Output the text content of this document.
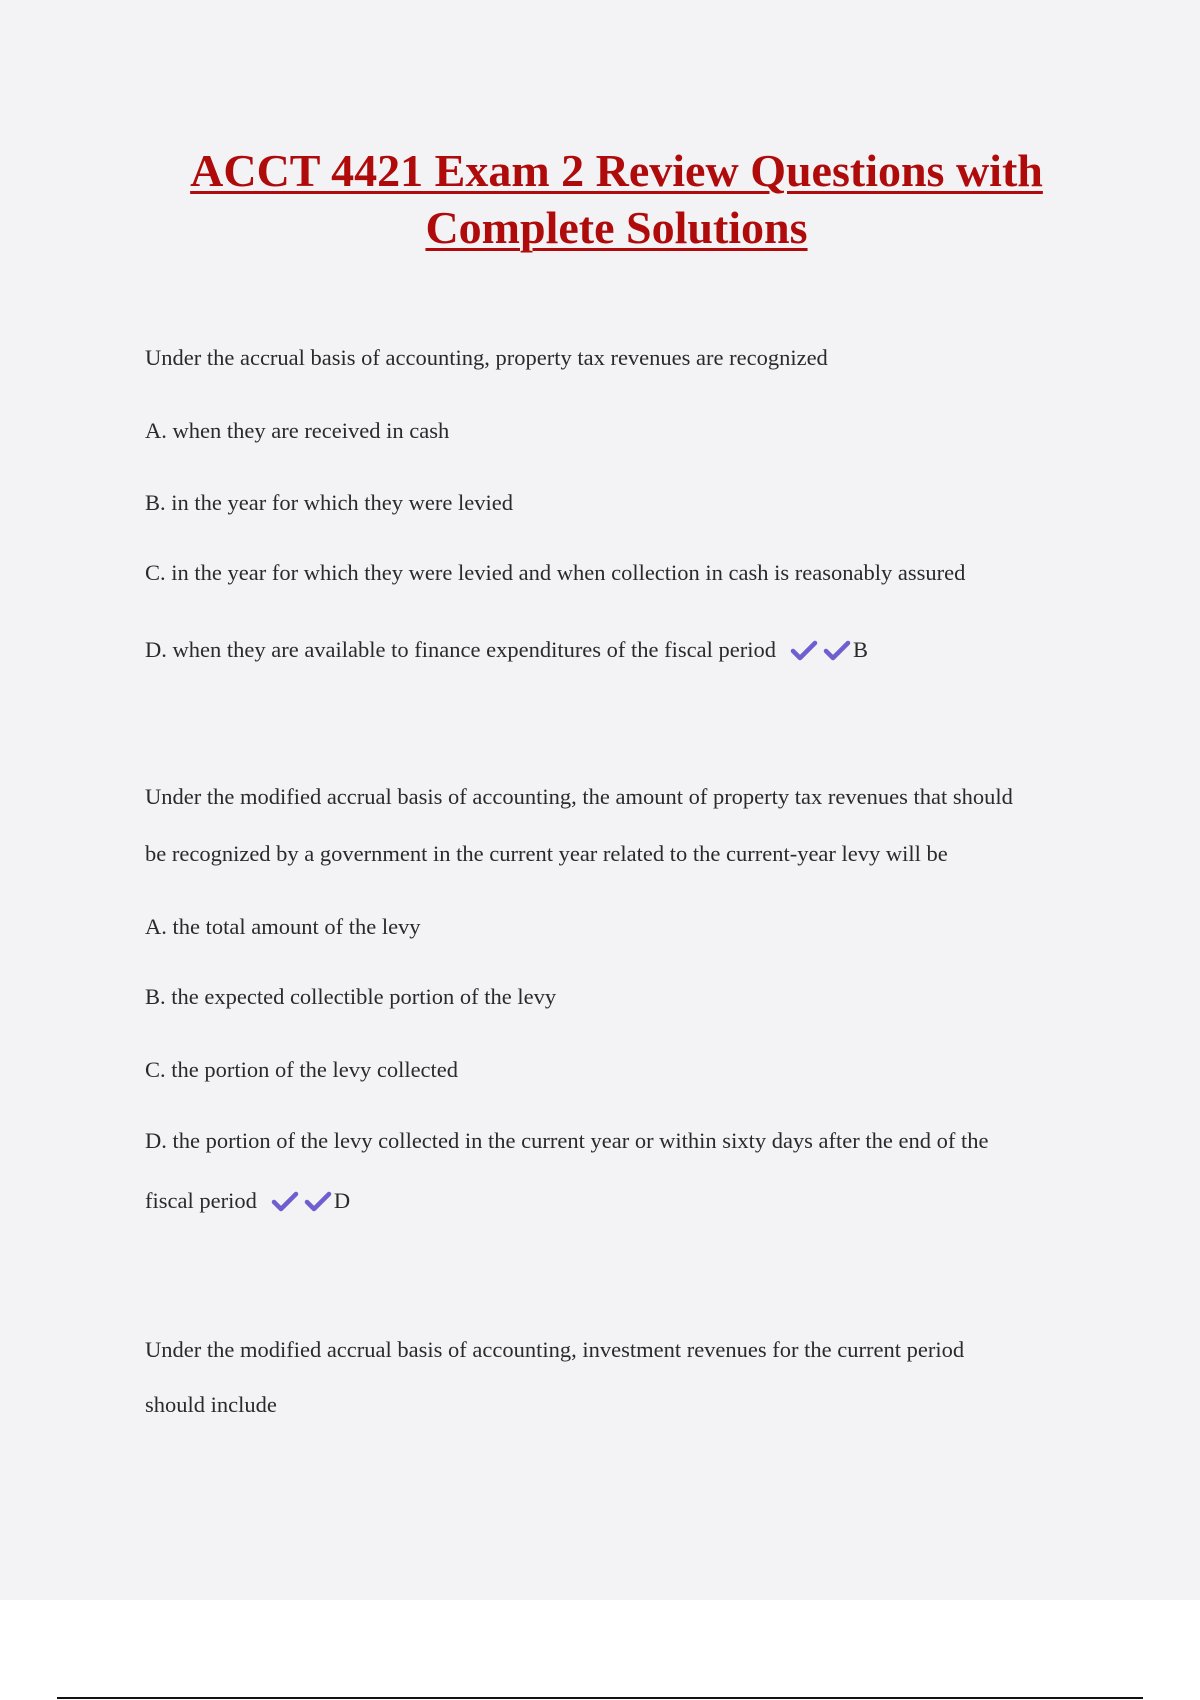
ACCT 4421 Exam 2 Review Questions with Complete Solutions

Under the accrual basis of accounting, property tax revenues are recognized

A. when they are received in cash

B. in the year for which they were levied

C. in the year for which they were levied and when collection in cash is reasonably assured

D. when they are available to finance expenditures of the fiscal period	B

Under the modified accrual basis of accounting, the amount of property tax revenues that should

be recognized by a government in the current year related to the current-year levy will be

A. the total amount of the levy

B. the expected collectible portion of the levy

C. the portion of the levy collected

D. the portion of the levy collected in the current year or within sixty days after the end of the

fiscal period	D

Under the modified accrual basis of accounting, investment revenues for the current period

should include
